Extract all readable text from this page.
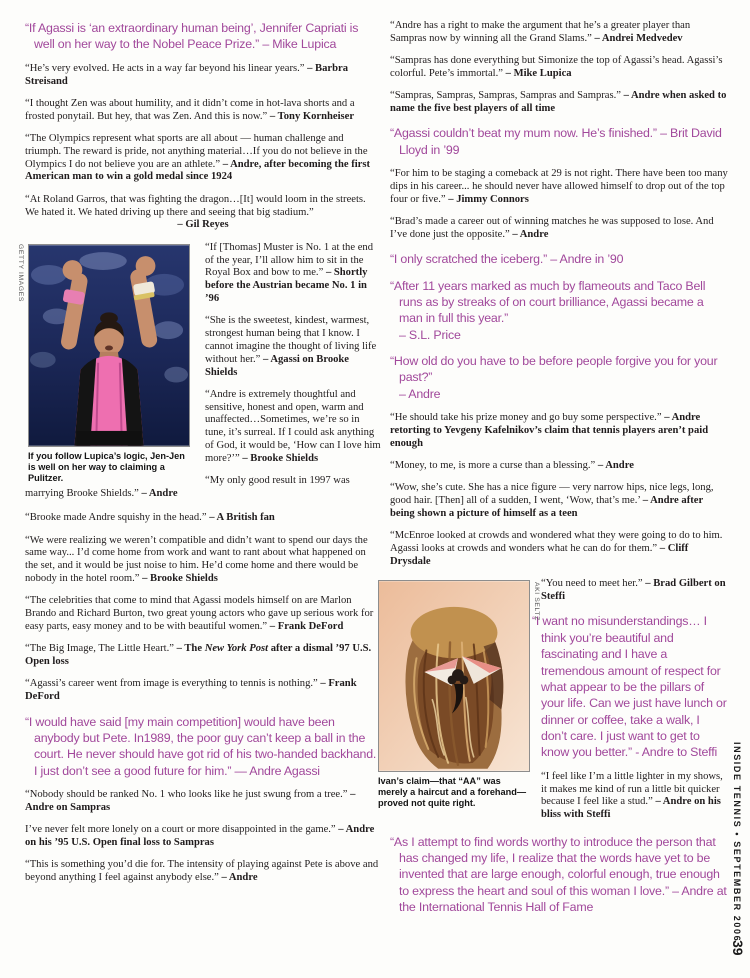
“If Agassi is ‘an extraordinary human being’, Jennifer Capriati is well on her way to the Nobel Peace Prize.” – Mike Lupica

“He’s very evolved. He acts in a way far beyond his linear years.” – Barbra Streisand

“I thought Zen was about humility, and it didn’t come in hot-lava shorts and a frosted ponytail. But hey, that was Zen. And this is now.” – Tony Kornheiser

“The Olympics represent what sports are all about — human challenge and triumph. The reward is pride, not anything material…If you do not believe in the Olympics I do not believe you are an athlete.” – Andre, after becoming the first American man to win a gold medal since 1924

“At Roland Garros, that was fighting the dragon…[It] would loom in the streets. We hated it. We hated driving up there and seeing that big stadium.”
– Gil Reyes

GETTY IMAGES
If you follow Lupica’s logic, Jen-Jen is well on her way to claiming a Pulitzer.

“If [Thomas] Muster is No. 1 at the end of the year, I’ll allow him to sit in the Royal Box and bow to me.” – Shortly before the Austrian became No. 1 in ’96

“She is the sweetest, kindest, warmest, strongest human being that I know. I cannot imagine the thought of living life without her.” – Agassi on Brooke Shields

“Andre is extremely thoughtful and sensitive, honest and open, warm and unaffected…Sometimes, we’re so in tune, it’s surreal. If I could ask anything of God, it would be, ‘How can I love him more?’” – Brooke Shields

“My only good result in 1997 was marrying Brooke Shields.” – Andre

“Brooke made Andre squishy in the head.” – A British fan

“We were realizing we weren’t compatible and didn’t want to spend our days the same way... I’d come home from work and want to rant about what happened on the set, and it would be just noise to him. He’d come home and there would be nobody in the hotel room.” – Brooke Shields

“The celebrities that come to mind that Agassi models himself on are Marlon Brando and Richard Burton, two great young actors who gave up serious work for easy parts, easy money and to be with beautiful women.” – Frank DeFord

“The Big Image, The Little Heart.” – The New York Post after a dismal ’97 U.S. Open loss

“Agassi’s career went from image is everything to tennis is nothing.” – Frank DeFord

“I would have said [my main competition] would have been anybody but Pete. In1989, the poor guy can’t keep a ball in the court. He never should have got rid of his two-handed backhand. I just don’t see a good future for him.” — Andre Agassi

“Nobody should be ranked No. 1 who looks like he just swung from a tree.” – Andre on Sampras

I’ve never felt more lonely on a court or more disappointed in the game.” – Andre on his ’95 U.S. Open final loss to Sampras

“This is something you’d die for. The intensity of playing against Pete is above and beyond anything I feel against anybody else.” – Andre

“Andre has a right to make the argument that he’s a greater player than Sampras now by winning all the Grand Slams.” – Andrei Medvedev

“Sampras has done everything but Simonize the top of Agassi’s head. Agassi’s colorful. Pete’s immortal.” – Mike Lupica

“Sampras, Sampras, Sampras, Sampras and Sampras.” – Andre when asked to name the five best players of all time

“Agassi couldn’t beat my mum now. He’s finished.” – Brit David Lloyd in ’99

“For him to be staging a comeback at 29 is not right. There have been too many dips in his career... he should never have allowed himself to drop out of the top four or five.” – Jimmy Connors

“Brad’s made a career out of winning matches he was supposed to lose. And I’ve done just the opposite.” – Andre

“I only scratched the iceberg.” – Andre in ’90

“After 11 years marked as much by flameouts and Taco Bell runs as by streaks of on court brilliance, Agassi became a man in full this year.”
– S.L. Price

“How old do you have to be before people forgive you for your past?”
– Andre

“He should take his prize money and go buy some perspective.” – Andre retorting to Yevgeny Kafelnikov’s claim that tennis players aren’t paid enough

“Money, to me, is more a curse than a blessing.” – Andre

“Wow, she’s cute. She has a nice figure — very narrow hips, nice legs, long, good hair. [Then] all of a sudden, I went, ‘Wow, that’s me.’ – Andre after being shown a picture of himself as a teen

“McEnroe looked at crowds and wondered what they were going to do to him. Agassi looks at crowds and wonders what he can do for them.” – Cliff Drysdale

AKI SELTZ
Ivan’s claim—that “AA” was merely a haircut and a forehand—proved not quite right.

“You need to meet her.” – Brad Gilbert on Steffi

“I want no misunderstandings… I think you’re beautiful and fascinating and I have a tremendous amount of respect for what appear to be the pillars of your life. Can we just have lunch or dinner or coffee, take a walk, I don’t care. I just want to get to know you better.” - Andre to Steffi

“I feel like I’m a little lighter in my shows, it makes me kind of run a little bit quicker because I feel like a stud.” – Andre on his bliss with Steffi

“As I attempt to find words worthy to introduce the person that has changed my life, I realize that the words have yet to be invented that are large enough, colorful enough, true enough to express the heart and soul of this woman I love.” – Andre at the International Tennis Hall of Fame	INSIDE TENNIS • SEPTEMBER 2006
39
